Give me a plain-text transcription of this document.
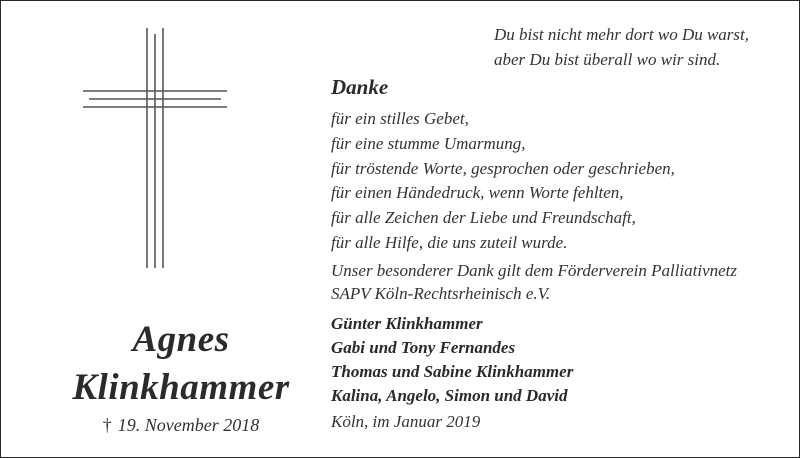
Agnes
Klinkhammer
† 19. November 2018
Du bist nicht mehr dort wo Du warst,
aber Du bist überall wo wir sind.
Danke
für ein stilles Gebet,
für eine stumme Umarmung,
für tröstende Worte, gesprochen oder geschrieben,
für einen Händedruck, wenn Worte fehlten,
für alle Zeichen der Liebe und Freundschaft,
für alle Hilfe, die uns zuteil wurde.
Unser besonderer Dank gilt dem Förderverein Palliativnetz
SAPV Köln-Rechtsrheinisch e.V.
Günter Klinkhammer
Gabi und Tony Fernandes
Thomas und Sabine Klinkhammer
Kalina, Angelo, Simon und David
Köln, im Januar 2019
